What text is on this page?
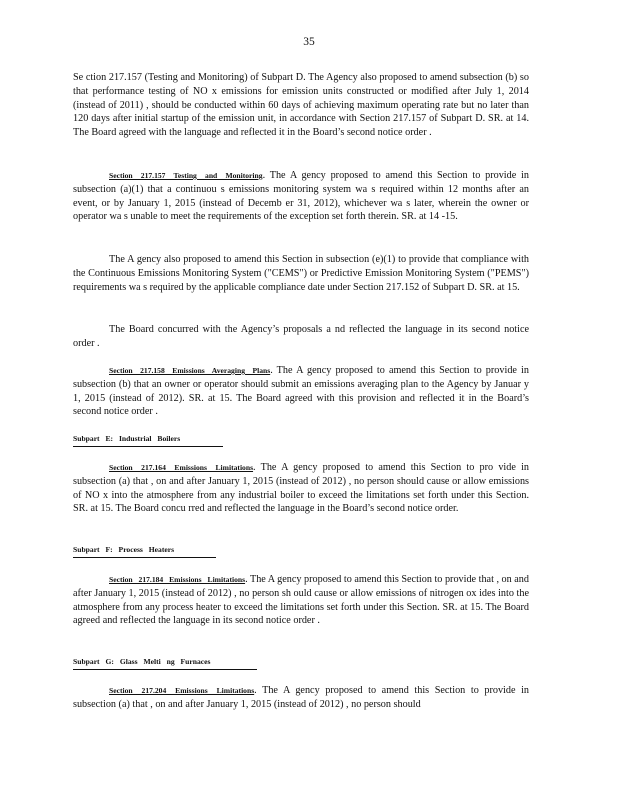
35

Se ction 217.157 (Testing and Monitoring) of Subpart D. The Agency also proposed to amend subsection (b) so that performance testing of NO x emissions for emission units constructed or modified after July 1, 2014 (instead of 2011) , should be conducted within 60 days of achieving maximum operating rate but no later than 120 days after initial startup of the emission unit, in accordance with Section 217.157 of Subpart D. SR. at 14. The Board agreed with the language and reflected it in the Board’s second notice order .

Section 217.157 Testing and Monitoring. The A gency proposed to amend this Section to provide in subsection (a)(1) that a continuou s emissions monitoring system wa s required within 12 months after an event, or by January 1, 2015 (instead of Decemb er 31, 2012), whichever wa s later, wherein the owner or operator wa s unable to meet the requirements of the exception set forth therein. SR. at 14 -15.

The A gency also proposed to amend this Section in subsection (e)(1) to provide that compliance with the Continuous Emissions Monitoring System ("CEMS") or Predictive Emission Monitoring System ("PEMS") requirements wa s required by the applicable compliance date under Section 217.152 of Subpart D. SR. at 15.

The Board concurred with the Agency’s proposals a nd reflected the language in its second notice order .

Section 217.158 Emissions Averaging Plans. The A gency proposed to amend this Section to provide in subsection (b) that an owner or operator should submit an emissions averaging plan to the Agency by Januar y 1, 2015 (instead of 2012). SR. at 15. The Board agreed with this provision and reflected it in the Board’s second notice order .

Subpart E: Industrial Boilers

Section 217.164 Emissions Limitations. The A gency proposed to amend this Section to pro vide in subsection (a) that , on and after January 1, 2015 (instead of 2012) , no person should cause or allow emissions of NO x into the atmosphere from any industrial boiler to exceed the limitations set forth under this Section. SR. at 15. The Board concu rred and reflected the language in the Board’s second notice order.

Subpart F: Process Heaters

Section 217.184 Emissions Limitations. The A gency proposed to amend this Section to provide that , on and after January 1, 2015 (instead of 2012) , no person sh ould cause or allow emissions of nitrogen ox ides into the atmosphere from any process heater to exceed the limitations set forth under this Section. SR. at 15. The Board agreed and reflected the language in its second notice order .

Subpart G: Glass Melti ng Furnaces

Section 217.204 Emissions Limitations. The A gency proposed to amend this Section to provide in subsection (a) that , on and after January 1, 2015 (instead of 2012) , no person should
